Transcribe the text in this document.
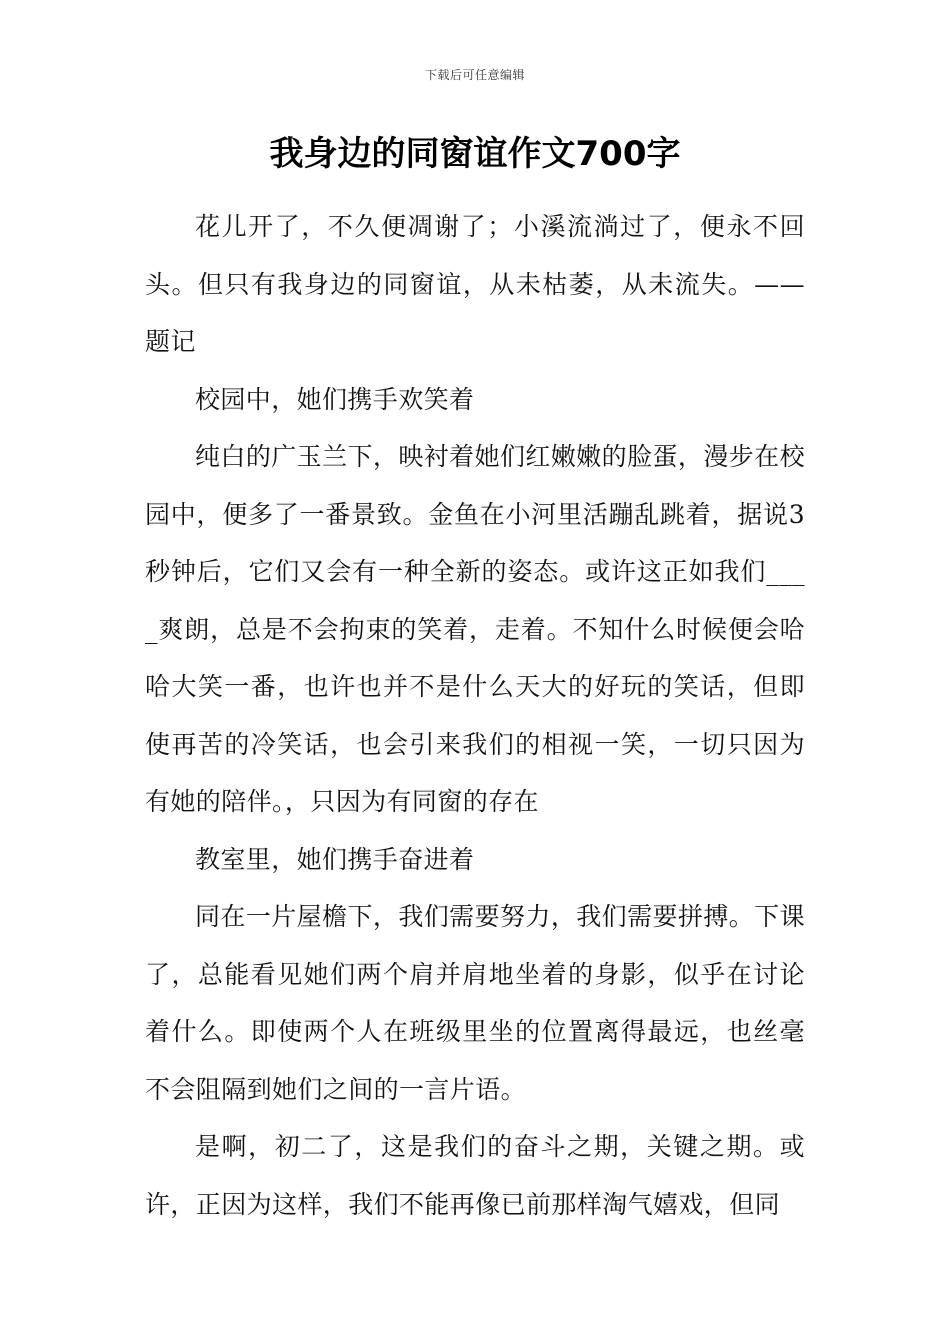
下载后可任意编辑
我身边的同窗谊作文700字

花儿开了，不久便凋谢了；小溪流淌过了，便永不回头。但只有我身边的同窗谊，从未枯萎，从未流失。——题记

校园中，她们携手欢笑着

纯白的广玉兰下，映衬着她们红嫩嫩的脸蛋，漫步在校园中，便多了一番景致。金鱼在小河里活蹦乱跳着，据说3秒钟后，它们又会有一种全新的姿态。或许这正如我们____爽朗，总是不会拘束的笑着，走着。不知什么时候便会哈哈大笑一番，也许也并不是什么天大的好玩的笑话，但即使再苦的冷笑话，也会引来我们的相视一笑，一切只因为有她的陪伴。，只因为有同窗的存在

教室里，她们携手奋进着

同在一片屋檐下，我们需要努力，我们需要拼搏。下课了，总能看见她们两个肩并肩地坐着的身影，似乎在讨论着什么。即使两个人在班级里坐的位置离得最远，也丝毫不会阻隔到她们之间的一言片语。

是啊，初二了，这是我们的奋斗之期，关键之期。或许，正因为这样，我们不能再像已前那样淘气嬉戏，但同
